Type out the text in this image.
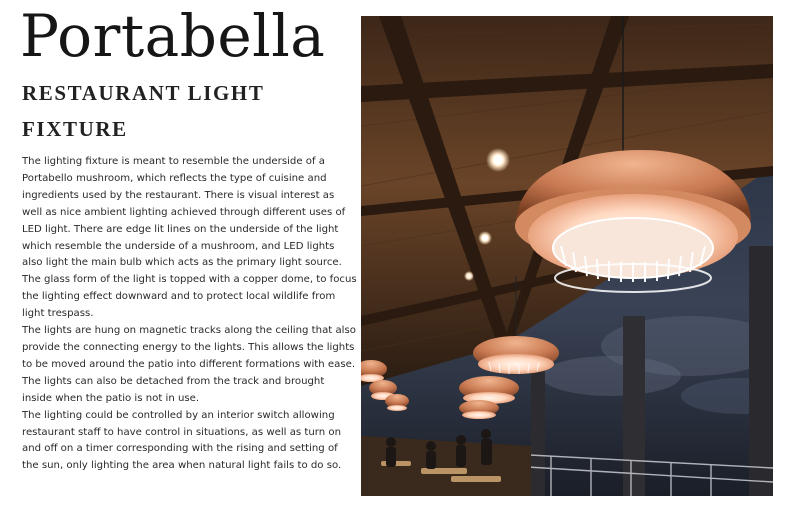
Portabella
RESTAURANT LIGHT
FIXTURE

The lighting fixture is meant to resemble the underside of a Portabello mushroom, which reflects the type of cuisine and ingredients used by the restaurant. There is visual interest as well as nice ambient lighting achieved through different uses of LED light. There are edge lit lines on the underside of the light which resemble the underside of a mushroom, and LED lights also light the main bulb which acts as the primary light source. The glass form of the light is topped with a copper dome, to focus the lighting effect downward and to protect local wildlife from light trespass.

The lights are hung on magnetic tracks along the ceiling that also provide the connecting energy to the lights. This allows the lights to be moved around the patio into different formations with ease. The lights can also be detached from the track and brought inside when the patio is not in use.

The lighting could be controlled by an interior switch allowing restaurant staff to have control in situations, as well as turn on and off on a timer corresponding with the rising and setting of the sun, only lighting the area when natural light fails to do so.
